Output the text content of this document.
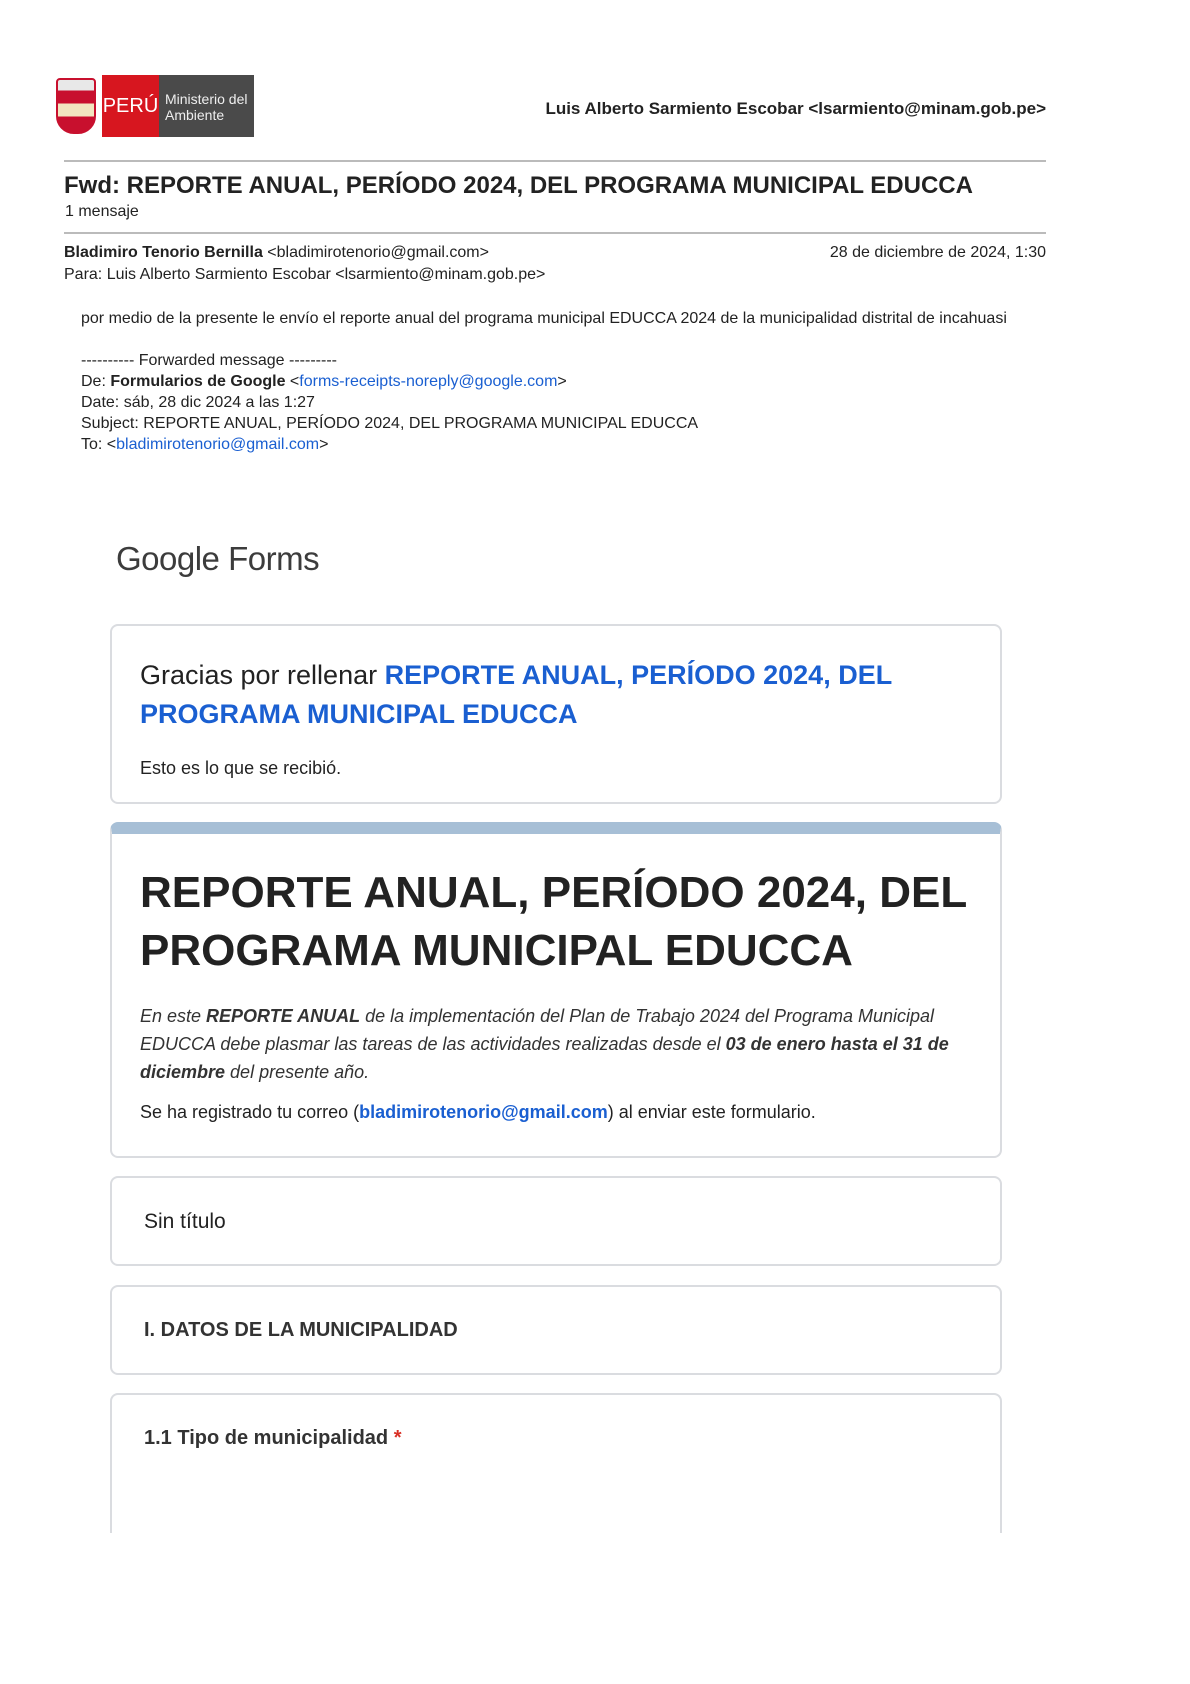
PERÚ Ministerio del Ambiente	Luis Alberto Sarmiento Escobar <lsarmiento@minam.gob.pe>
Fwd: REPORTE ANUAL, PERÍODO 2024, DEL PROGRAMA MUNICIPAL EDUCCA
1 mensaje
Bladimiro Tenorio Bernilla <bladimirotenorio@gmail.com>	28 de diciembre de 2024, 1:30
Para: Luis Alberto Sarmiento Escobar <lsarmiento@minam.gob.pe>
por medio de la presente le envío el reporte anual del programa municipal EDUCCA 2024 de la municipalidad distrital de incahuasi
---------- Forwarded message ---------
De: Formularios de Google <forms-receipts-noreply@google.com>
Date: sáb, 28 dic 2024 a las 1:27
Subject: REPORTE ANUAL, PERÍODO 2024, DEL PROGRAMA MUNICIPAL EDUCCA
To: <bladimirotenorio@gmail.com>
Google Forms
Gracias por rellenar REPORTE ANUAL, PERÍODO 2024, DEL PROGRAMA MUNICIPAL EDUCCA
Esto es lo que se recibió.
REPORTE ANUAL, PERÍODO 2024, DEL PROGRAMA MUNICIPAL EDUCCA
En este REPORTE ANUAL de la implementación del Plan de Trabajo 2024 del Programa Municipal EDUCCA debe plasmar las tareas de las actividades realizadas desde el 03 de enero hasta el 31 de diciembre del presente año.
Se ha registrado tu correo (bladimirotenorio@gmail.com) al enviar este formulario.
Sin título
I. DATOS DE LA MUNICIPALIDAD
1.1 Tipo de municipalidad *
